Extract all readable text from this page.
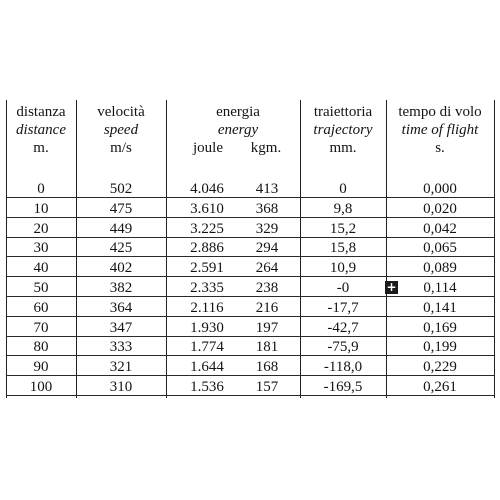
distanza
distance
m.
velocità
speed
m/s
energia
energy
joule	kgm.
traiettoria
trajectory
mm.
tempo di volo
time of flight
s.
0	502	4.046	413	0	0,000
10	475	3.610	368	9,8	0,020
20	449	3.225	329	15,2	0,042
30	425	2.886	294	15,8	0,065
40	402	2.591	264	10,9	0,089
50	382	2.335	238	-0	0,114
60	364	2.116	216	-17,7	0,141
70	347	1.930	197	-42,7	0,169
80	333	1.774	181	-75,9	0,199
90	321	1.644	168	-118,0	0,229
100	310	1.536	157	-169,5	0,261
+
